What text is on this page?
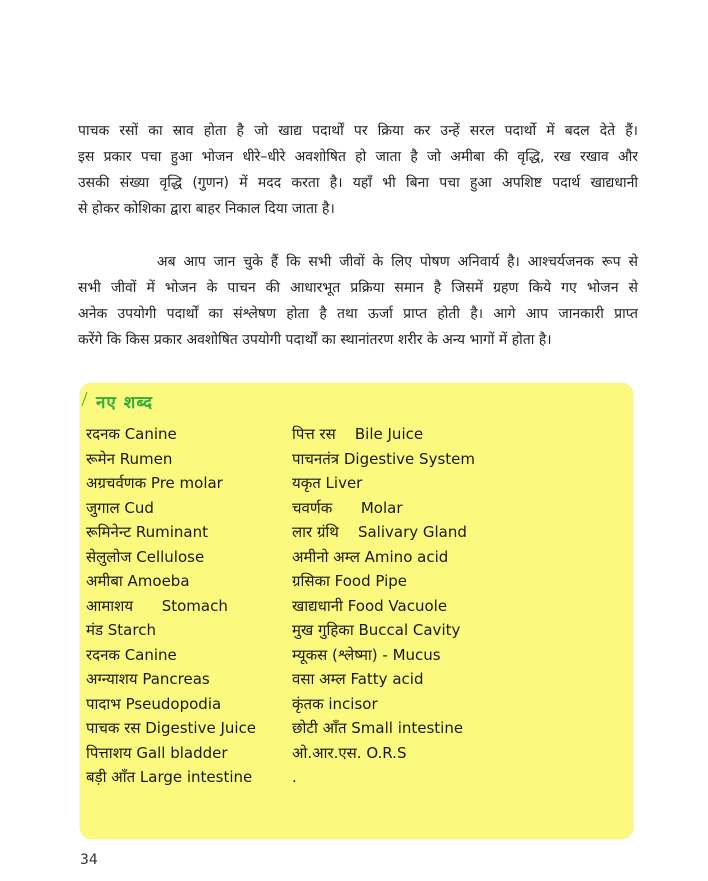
पाचक रसों का स्राव होता है जो खाद्य पदार्थों पर क्रिया कर उन्हें सरल पदार्थो में बदल देते हैं।
इस प्रकार पचा हुआ भोजन धीरे–धीरे अवशोषित हो जाता है जो अमीबा की वृद्धि, रख रखाव और
उसकी संख्या वृद्धि (गुणन) में मदद करता है। यहाँ भी बिना पचा हुआ अपशिष्ट पदार्थ खाद्यधानी
से होकर कोशिका द्वारा बाहर निकाल दिया जाता है।
अब आप जान चुके हैं कि सभी जीवों के लिए पोषण अनिवार्य है। आश्चर्यजनक रूप से
सभी जीवों में भोजन के पाचन की आधारभूत प्रक्रिया समान है जिसमें ग्रहण किये गए भोजन से
अनेक उपयोगी पदार्थों का संश्लेषण होता है तथा ऊर्जा प्राप्त होती है। आगे आप जानकारी प्राप्त
करेंगे कि किस प्रकार अवशोषित उपयोगी पदार्थों का स्थानांतरण शरीर के अन्य भागों में होता है।
नए शब्द
रदनक Canine
रूमेन Rumen
अग्रचर्वणक Pre molar
जुगाल Cud
रूमिनेन्ट Ruminant
सेलुलोज Cellulose
अमीबा Amoeba
आमाशय      Stomach
मंड Starch
रदनक Canine
अग्न्याशय Pancreas
पादाभ Pseudopodia
पाचक रस Digestive Juice
पित्ताशय Gall bladder
बड़ी आँत Large intestine
पित्त रस    Bile Juice
पाचनतंत्र Digestive System
यकृत Liver
चवर्णक      Molar
लार ग्रंथि    Salivary Gland
अमीनो अम्ल Amino acid
ग्रसिका Food Pipe
खाद्यधानी Food Vacuole
मुख गुहिका Buccal Cavity
म्यूकस (श्लेष्मा) - Mucus
वसा अम्ल Fatty acid
कृंतक incisor
छोटी आँत Small intestine
ओ.आर.एस. O.R.S
.
34
